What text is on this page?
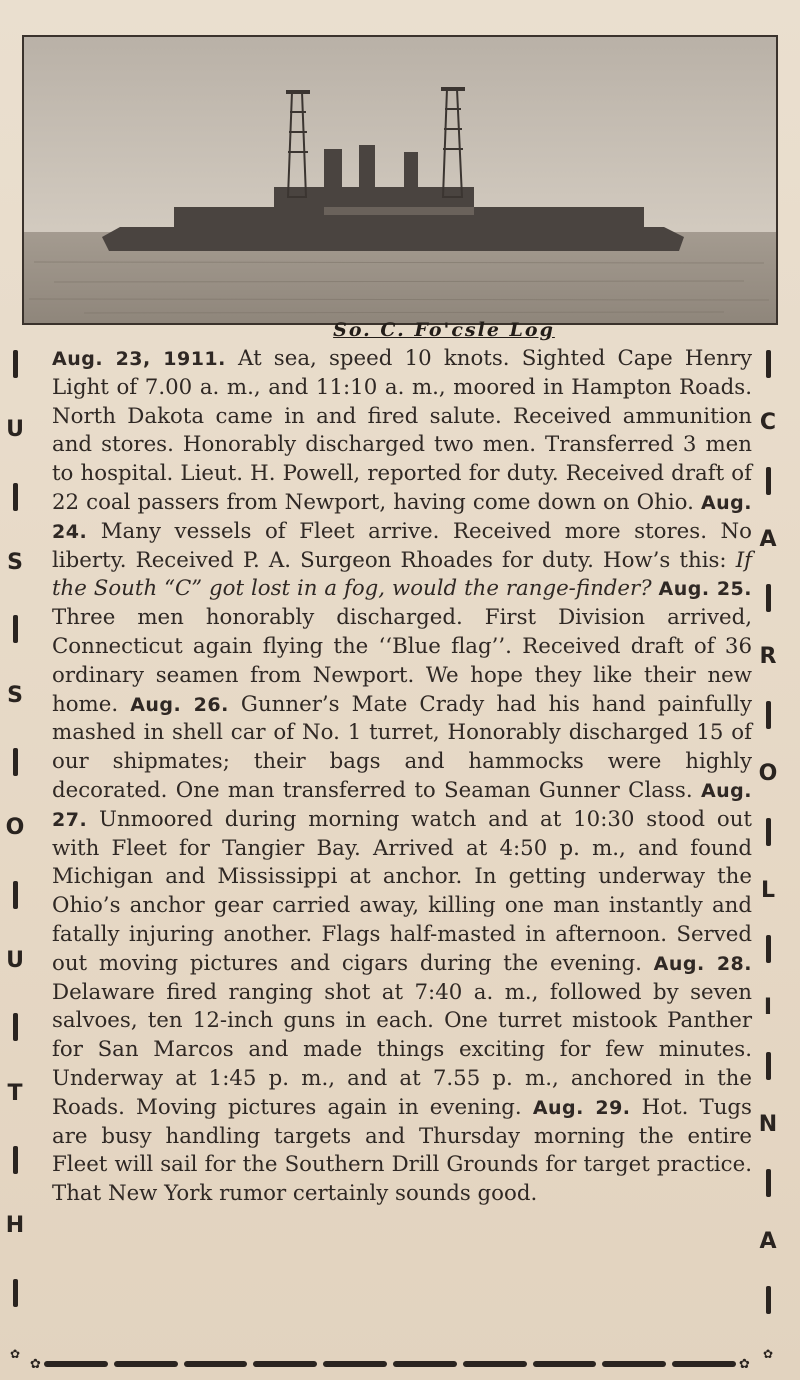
So. C. Fo'csle Log
U
S
S
O
U
T
H
✿
C
A
R
O
L
I
N
A
✿

Aug. 23, 1911. At sea, speed 10 knots. Sighted Cape Henry Light of 7.00 a. m., and 11:10 a. m., moored in Hampton Roads. North Dakota came in and fired salute. Received ammunition and stores. Honorably discharged two men. Transferred 3 men to hospital. Lieut. H. Powell, reported for duty. Received draft of 22 coal passers from Newport, having come down on Ohio. Aug. 24. Many vessels of Fleet arrive. Received more stores. No liberty. Received P. A. Surgeon Rhoades for duty. How’s this: If the South “C” got lost in a fog, would the range-finder? Aug. 25. Three men honorably discharged. First Division arrived, Connecticut again flying the ‘‘Blue flag’’. Received draft of 36 ordinary seamen from Newport. We hope they like their new home. Aug. 26. Gunner’s Mate Crady had his hand painfully mashed in shell car of No. 1 turret, Honorably discharged 15 of our shipmates; their bags and hammocks were highly decorated. One man transferred to Seaman Gunner Class. Aug. 27. Unmoored during morning watch and at 10:30 stood out with Fleet for Tangier Bay. Arrived at 4:50 p. m., and found Michigan and Mississippi at anchor. In getting underway the Ohio’s anchor gear carried away, killing one man instantly and fatally injuring another. Flags half-masted in afternoon. Served out moving pictures and cigars during the evening. Aug. 28. Delaware fired ranging shot at 7:40 a. m., followed by seven salvoes, ten 12-inch guns in each. One turret mistook Panther for San Marcos and made things exciting for few minutes. Underway at 1:45 p. m., and at 7.55 p. m., anchored in the Roads. Moving pictures again in evening. Aug. 29. Hot. Tugs are busy handling targets and Thursday morning the entire Fleet will sail for the Southern Drill Grounds for target practice. That New York rumor certainly sounds good.

✿	✿
